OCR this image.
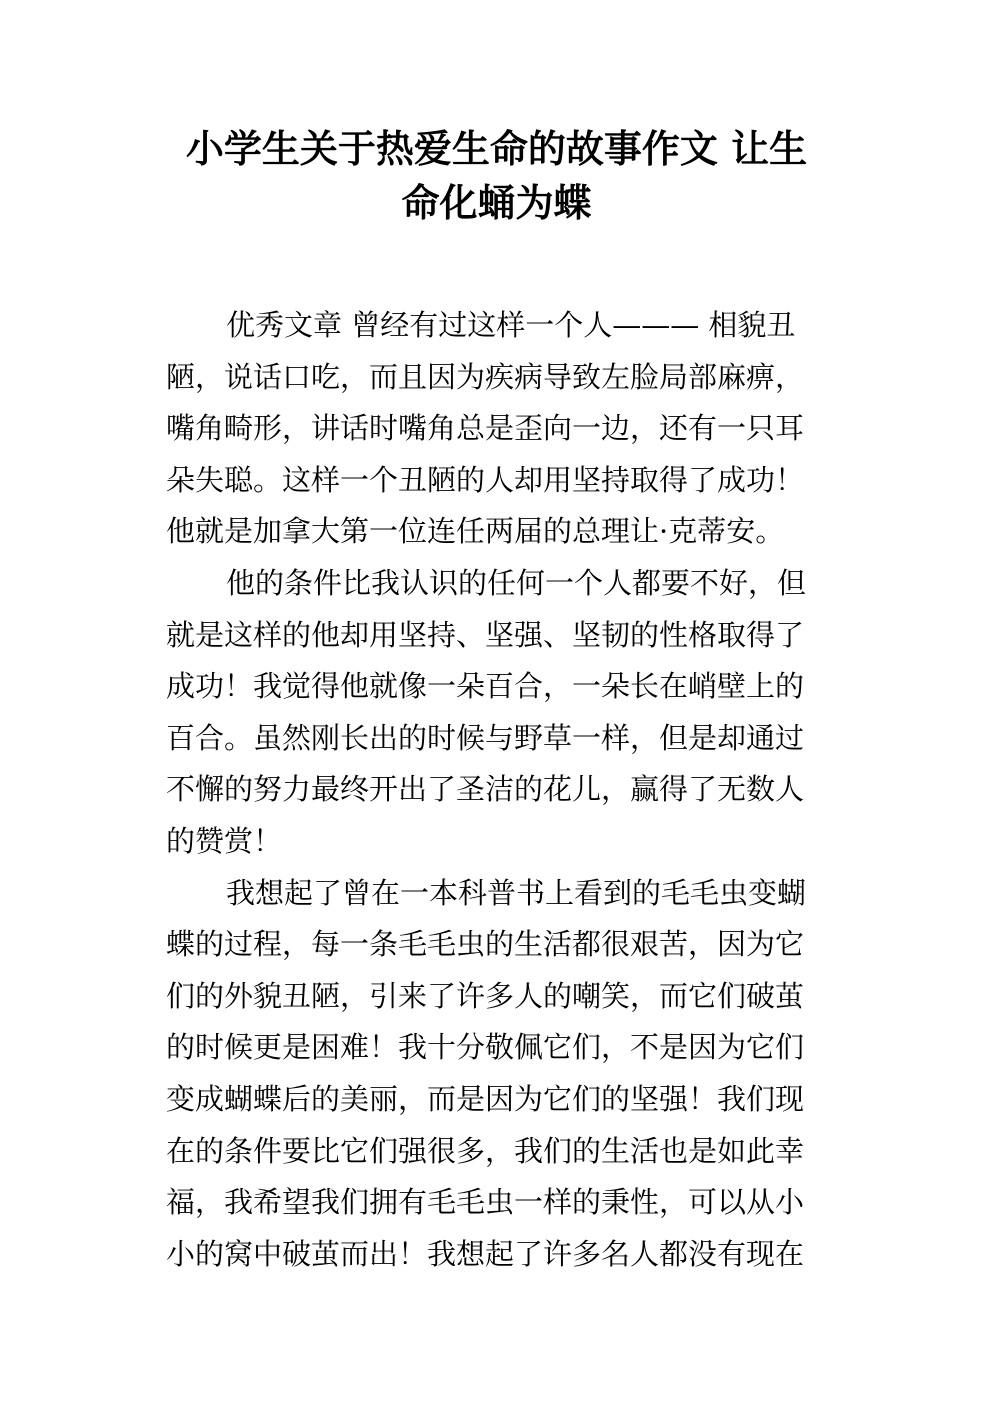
小学生关于热爱生命的故事作文 让生
命化蛹为蝶
优秀文章 曾经有过这样一个人——— 相貌丑
陋，说话口吃，而且因为疾病导致左脸局部麻痹，
嘴角畸形，讲话时嘴角总是歪向一边，还有一只耳
朵失聪。这样一个丑陋的人却用坚持取得了成功！
他就是加拿大第一位连任两届的总理让·克蒂安。
他的条件比我认识的任何一个人都要不好，但
就是这样的他却用坚持、坚强、坚韧的性格取得了
成功！我觉得他就像一朵百合，一朵长在峭壁上的
百合。虽然刚长出的时候与野草一样，但是却通过
不懈的努力最终开出了圣洁的花儿，赢得了无数人
的赞赏！
我想起了曾在一本科普书上看到的毛毛虫变蝴
蝶的过程，每一条毛毛虫的生活都很艰苦，因为它
们的外貌丑陋，引来了许多人的嘲笑，而它们破茧
的时候更是困难！我十分敬佩它们，不是因为它们
变成蝴蝶后的美丽，而是因为它们的坚强！我们现
在的条件要比它们强很多，我们的生活也是如此幸
福，我希望我们拥有毛毛虫一样的秉性，可以从小
小的窝中破茧而出！我想起了许多名人都没有现在
